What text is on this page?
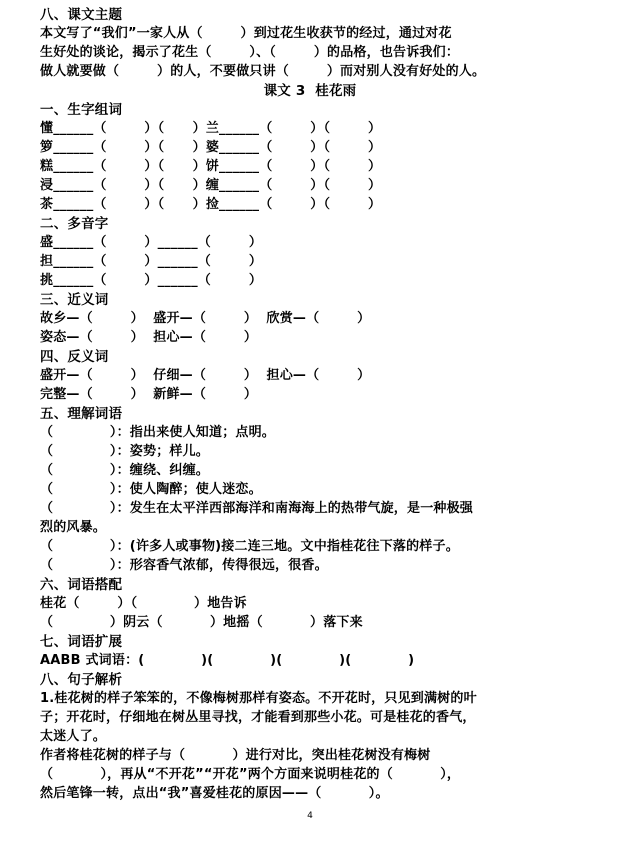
八、课文主题
本文写了“我们”一家人从（        ）到过花生收获节的经过，通过对花
生好处的谈论，揭示了花生（        ）、（        ）的品格，也告诉我们：
做人就要做（        ）的人，不要做只讲（        ）而对别人没有好处的人。
课文 3  桂花雨
一、生字组词
懂______（        ）（      ）兰______（        ）（        ）
箩______（        ）（      ）婆______（        ）（        ）
糕______（        ）（      ）饼______（        ）（        ）
浸______（        ）（      ）缠______（        ）（        ）
茶______（        ）（      ）捡______（        ）（        ）
二、多音字
盛______（        ）______（        ）
担______（        ）______（        ）
挑______（        ）______（        ）
三、近义词
故乡—（        ）  盛开—（        ）  欣赏—（        ）
姿态—（        ）  担心—（        ）
四、反义词
盛开—（        ）  仔细—（        ）  担心—（        ）
完整—（        ）  新鲜—（        ）
五、理解词语
（            ）：指出来使人知道；点明。
（            ）：姿势；样儿。
（            ）：缠绕、纠缠。
（            ）：使人陶醉；使人迷恋。
（            ）：发生在太平洋西部海洋和南海海上的热带气旋，是一种极强
烈的风暴。
（            ）：(许多人或事物)接二连三地。文中指桂花往下落的样子。
（            ）：形容香气浓郁，传得很远，很香。
六、词语搭配
桂花（        ）（            ）地告诉
（            ）阴云（          ）地摇（          ）落下来
七、词语扩展
AABB 式词语：(            )(            )(            )(            )
八、句子解析
1.桂花树的样子笨笨的，不像梅树那样有姿态。不开花时，只见到满树的叶
子；开花时，仔细地在树丛里寻找，才能看到那些小花。可是桂花的香气，
太迷人了。
作者将桂花树的样子与（          ）进行对比，突出桂花树没有梅树
（          ），再从“不开花”“开花”两个方面来说明桂花的（          ），
然后笔锋一转，点出“我”喜爱桂花的原因——（          ）。
4
